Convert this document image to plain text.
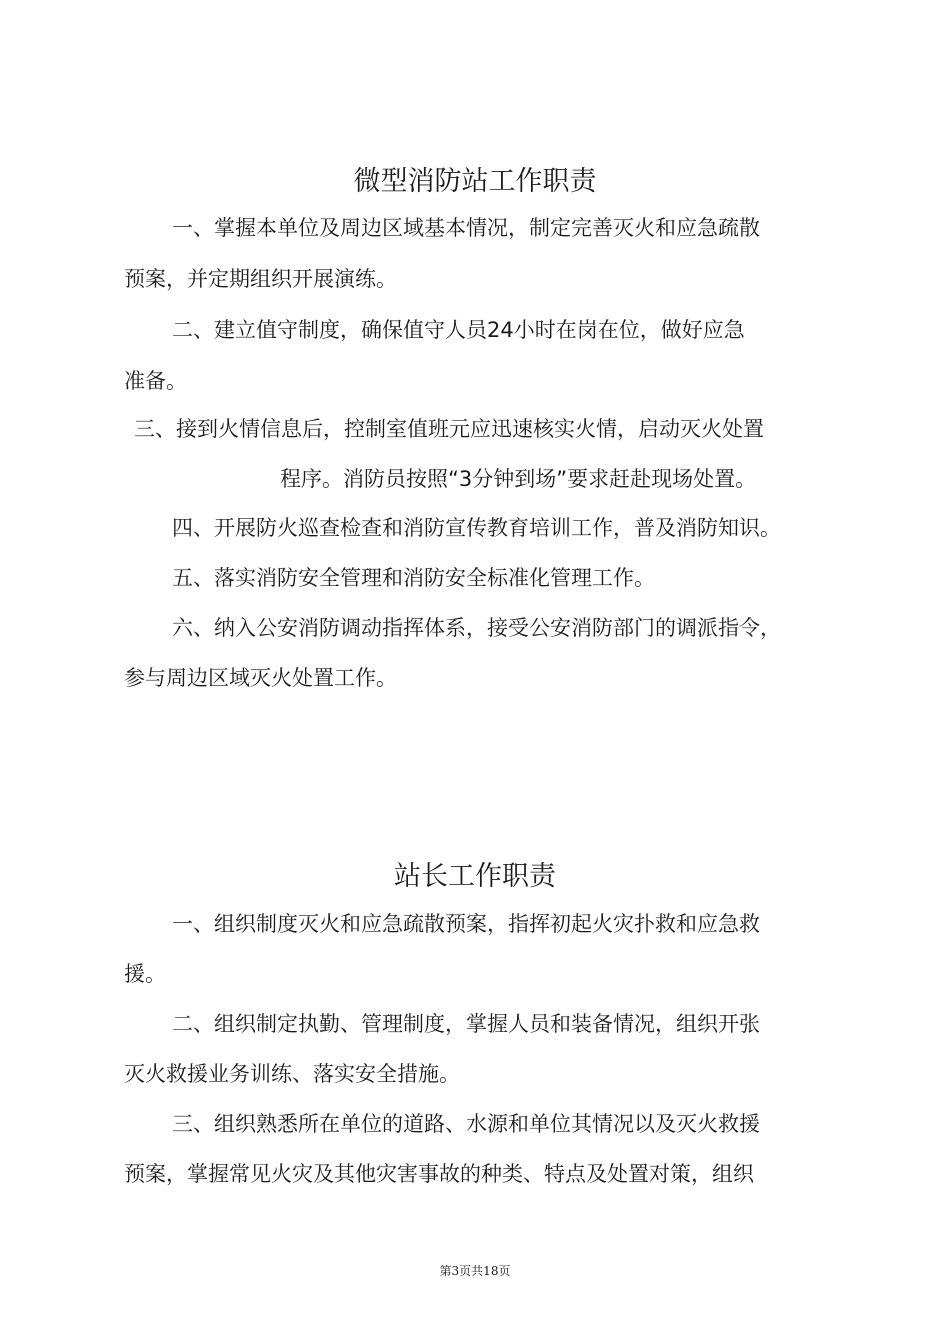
微型消防站工作职责

一、掌握本单位及周边区域基本情况，制定完善灭火和应急疏散

预案，并定期组织开展演练。

二、建立值守制度，确保值守人员24小时在岗在位，做好应急

准备。

三、接到火情信息后，控制室值班元应迅速核实火情，启动灭火处置

程序。消防员按照“3分钟到场”要求赶赴现场处置。

四、开展防火巡查检查和消防宣传教育培训工作，普及消防知识。

五、落实消防安全管理和消防安全标准化管理工作。

六、纳入公安消防调动指挥体系，接受公安消防部门的调派指令，

参与周边区域灭火处置工作。

站长工作职责

一、组织制度灭火和应急疏散预案，指挥初起火灾扑救和应急救

援。

二、组织制定执勤、管理制度，掌握人员和装备情况，组织开张

灭火救援业务训练、落实安全措施。

三、组织熟悉所在单位的道路、水源和单位其情况以及灭火救援

预案，掌握常见火灾及其他灾害事故的种类、特点及处置对策，组织

第3页共18页
